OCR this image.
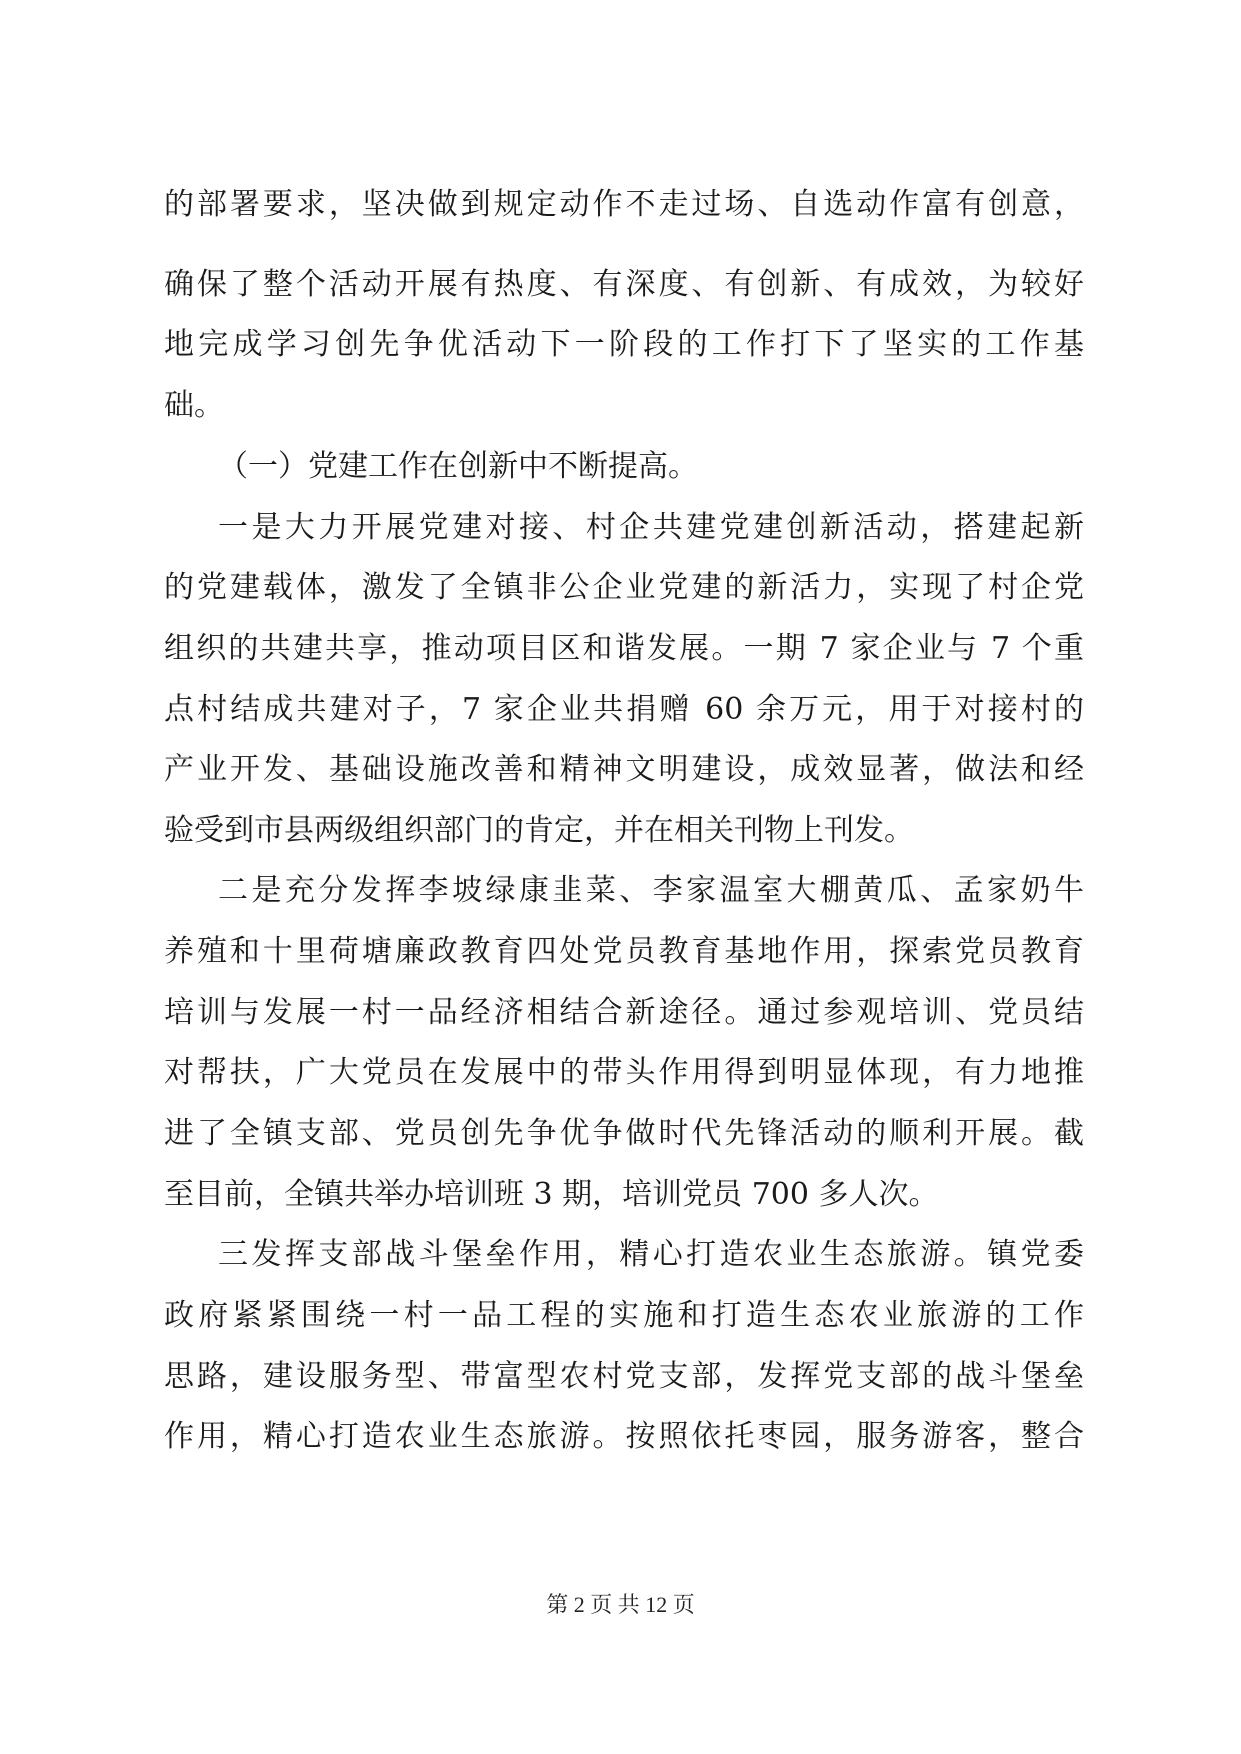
的部署要求，坚决做到规定动作不走过场、自选动作富有创意，
确保了整个活动开展有热度、有深度、有创新、有成效，为较好
地完成学习创先争优活动下一阶段的工作打下了坚实的工作基
础。
（一）党建工作在创新中不断提高。
一是大力开展党建对接、村企共建党建创新活动，搭建起新
的党建载体，激发了全镇非公企业党建的新活力，实现了村企党
组织的共建共享，推动项目区和谐发展。一期 7 家企业与 7 个重
点村结成共建对子，7 家企业共捐赠 60 余万元，用于对接村的
产业开发、基础设施改善和精神文明建设，成效显著，做法和经
验受到市县两级组织部门的肯定，并在相关刊物上刊发。
二是充分发挥李坡绿康韭菜、李家温室大棚黄瓜、孟家奶牛
养殖和十里荷塘廉政教育四处党员教育基地作用，探索党员教育
培训与发展一村一品经济相结合新途径。通过参观培训、党员结
对帮扶，广大党员在发展中的带头作用得到明显体现，有力地推
进了全镇支部、党员创先争优争做时代先锋活动的顺利开展。截
至目前，全镇共举办培训班 3 期，培训党员 700 多人次。
三发挥支部战斗堡垒作用，精心打造农业生态旅游。镇党委
政府紧紧围绕一村一品工程的实施和打造生态农业旅游的工作
思路，建设服务型、带富型农村党支部，发挥党支部的战斗堡垒
作用，精心打造农业生态旅游。按照依托枣园，服务游客，整合
第 2 页 共 12 页
